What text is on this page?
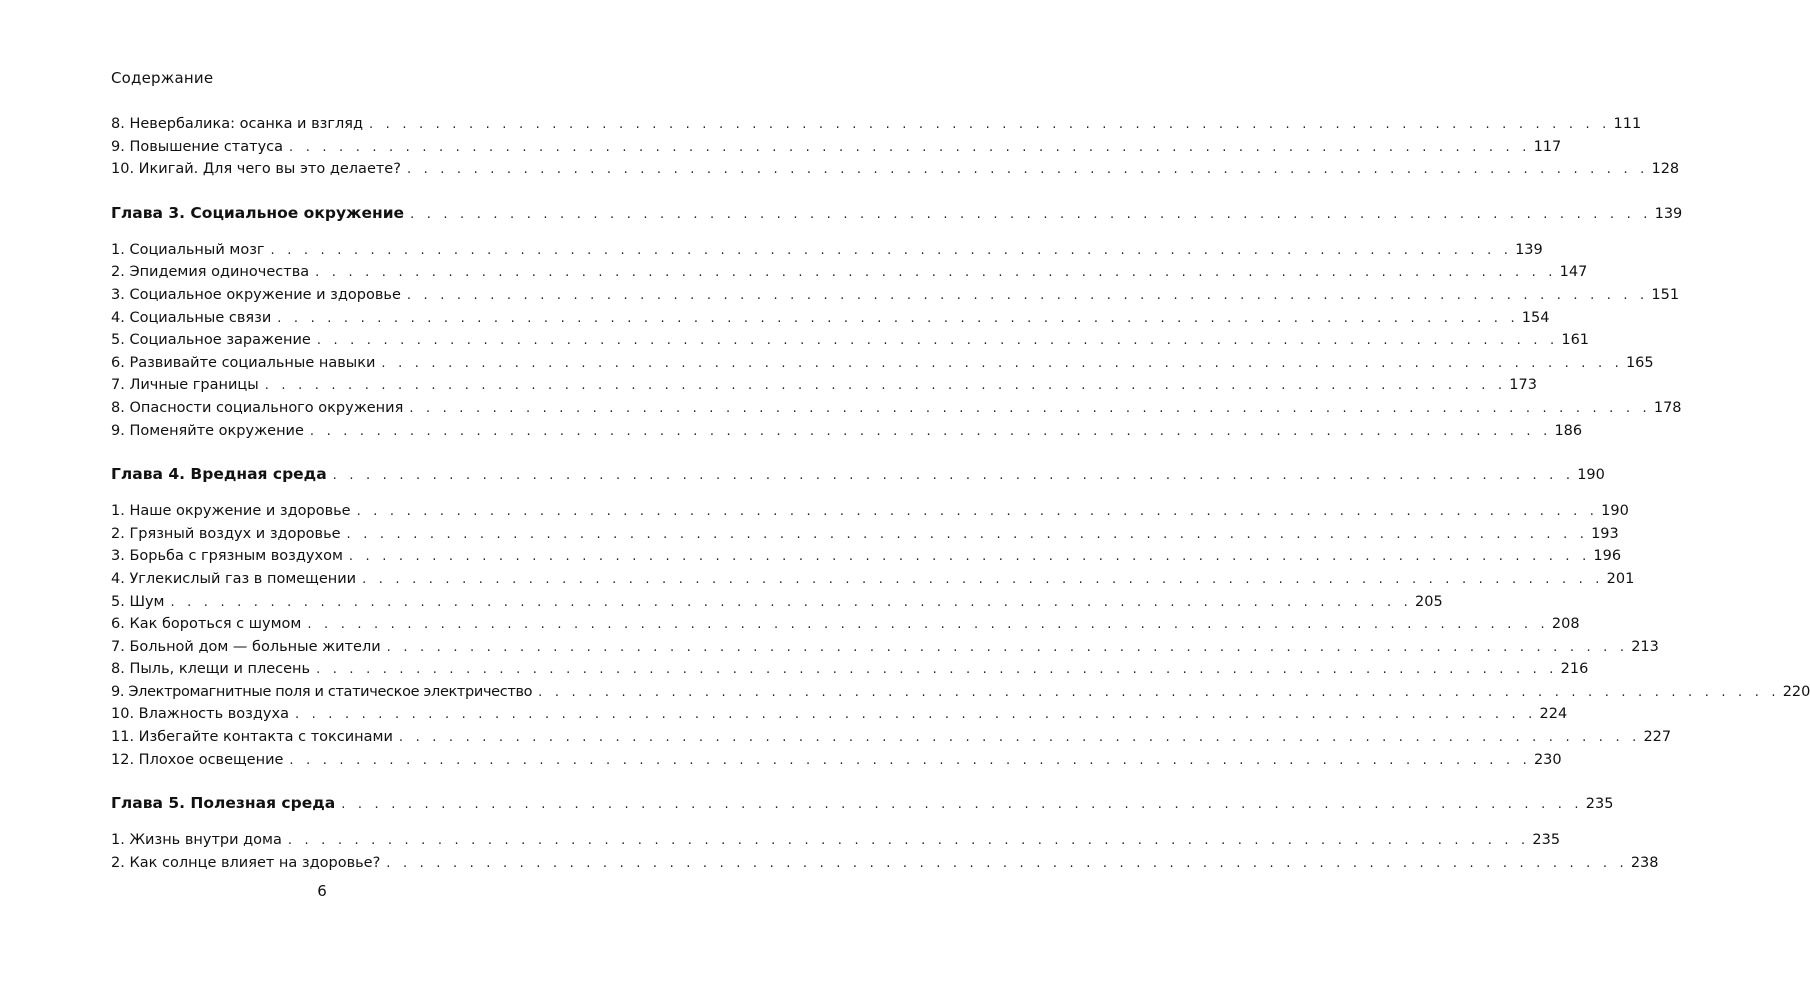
Содержание
8. Невербалика: осанка и взгляд . . . . . . . . . . . . . . . . . . . . . . . . . . . . . . . . . . . . . . . . . . . . . . . . . . . . . . . . . . . . . . . . . . . . . . . . . . . 111
9. Повышение статуса . . . . . . . . . . . . . . . . . . . . . . . . . . . . . . . . . . . . . . . . . . . . . . . . . . . . . . . . . . . . . . . . . . . . . . . . . . . 117
10. Икигай. Для чего вы это делаете? . . . . . . . . . . . . . . . . . . . . . . . . . . . . . . . . . . . . . . . . . . . . . . . . . . . . . . . . . . . . . . . . . . . . . . . . . . . 128
Глава 3. Социальное окружение . . . . . . . . . . . . . . . . . . . . . . . . . . . . . . . . . . . . . . . . . . . . . . . . . . . . . . . . . . . . . . . . . . . . . . . . . . . 139
1. Социальный мозг . . . . . . . . . . . . . . . . . . . . . . . . . . . . . . . . . . . . . . . . . . . . . . . . . . . . . . . . . . . . . . . . . . . . . . . . . . . 139
2. Эпидемия одиночества . . . . . . . . . . . . . . . . . . . . . . . . . . . . . . . . . . . . . . . . . . . . . . . . . . . . . . . . . . . . . . . . . . . . . . . . . . . 147
3. Социальное окружение и здоровье . . . . . . . . . . . . . . . . . . . . . . . . . . . . . . . . . . . . . . . . . . . . . . . . . . . . . . . . . . . . . . . . . . . . . . . . . . . 151
4. Социальные связи . . . . . . . . . . . . . . . . . . . . . . . . . . . . . . . . . . . . . . . . . . . . . . . . . . . . . . . . . . . . . . . . . . . . . . . . . . . 154
5. Социальное заражение . . . . . . . . . . . . . . . . . . . . . . . . . . . . . . . . . . . . . . . . . . . . . . . . . . . . . . . . . . . . . . . . . . . . . . . . . . . 161
6. Развивайте социальные навыки . . . . . . . . . . . . . . . . . . . . . . . . . . . . . . . . . . . . . . . . . . . . . . . . . . . . . . . . . . . . . . . . . . . . . . . . . . . 165
7. Личные границы . . . . . . . . . . . . . . . . . . . . . . . . . . . . . . . . . . . . . . . . . . . . . . . . . . . . . . . . . . . . . . . . . . . . . . . . . . . 173
8. Опасности социального окружения . . . . . . . . . . . . . . . . . . . . . . . . . . . . . . . . . . . . . . . . . . . . . . . . . . . . . . . . . . . . . . . . . . . . . . . . . . . 178
9. Поменяйте окружение . . . . . . . . . . . . . . . . . . . . . . . . . . . . . . . . . . . . . . . . . . . . . . . . . . . . . . . . . . . . . . . . . . . . . . . . . . . 186
Глава 4. Вредная среда . . . . . . . . . . . . . . . . . . . . . . . . . . . . . . . . . . . . . . . . . . . . . . . . . . . . . . . . . . . . . . . . . . . . . . . . . . . 190
1. Наше окружение и здоровье . . . . . . . . . . . . . . . . . . . . . . . . . . . . . . . . . . . . . . . . . . . . . . . . . . . . . . . . . . . . . . . . . . . . . . . . . . . 190
2. Грязный воздух и здоровье . . . . . . . . . . . . . . . . . . . . . . . . . . . . . . . . . . . . . . . . . . . . . . . . . . . . . . . . . . . . . . . . . . . . . . . . . . . 193
3. Борьба с грязным воздухом . . . . . . . . . . . . . . . . . . . . . . . . . . . . . . . . . . . . . . . . . . . . . . . . . . . . . . . . . . . . . . . . . . . . . . . . . . . 196
4. Углекислый газ в помещении . . . . . . . . . . . . . . . . . . . . . . . . . . . . . . . . . . . . . . . . . . . . . . . . . . . . . . . . . . . . . . . . . . . . . . . . . . . 201
5. Шум . . . . . . . . . . . . . . . . . . . . . . . . . . . . . . . . . . . . . . . . . . . . . . . . . . . . . . . . . . . . . . . . . . . . . . . . . . . 205
6. Как бороться с шумом . . . . . . . . . . . . . . . . . . . . . . . . . . . . . . . . . . . . . . . . . . . . . . . . . . . . . . . . . . . . . . . . . . . . . . . . . . . 208
7. Больной дом — больные жители . . . . . . . . . . . . . . . . . . . . . . . . . . . . . . . . . . . . . . . . . . . . . . . . . . . . . . . . . . . . . . . . . . . . . . . . . . . 213
8. Пыль, клещи и плесень . . . . . . . . . . . . . . . . . . . . . . . . . . . . . . . . . . . . . . . . . . . . . . . . . . . . . . . . . . . . . . . . . . . . . . . . . . . 216
9. Электромагнитные поля и статическое электричество . . . . . . . . . . . . . . . . . . . . . . . . . . . . . . . . . . . . . . . . . . . . . . . . . . . . . . . . . . . . . . . . . . . . . . . . . . . 220
10. Влажность воздуха . . . . . . . . . . . . . . . . . . . . . . . . . . . . . . . . . . . . . . . . . . . . . . . . . . . . . . . . . . . . . . . . . . . . . . . . . . . 224
11. Избегайте контакта с токсинами . . . . . . . . . . . . . . . . . . . . . . . . . . . . . . . . . . . . . . . . . . . . . . . . . . . . . . . . . . . . . . . . . . . . . . . . . . . 227
12. Плохое освещение . . . . . . . . . . . . . . . . . . . . . . . . . . . . . . . . . . . . . . . . . . . . . . . . . . . . . . . . . . . . . . . . . . . . . . . . . . . 230
Глава 5. Полезная среда . . . . . . . . . . . . . . . . . . . . . . . . . . . . . . . . . . . . . . . . . . . . . . . . . . . . . . . . . . . . . . . . . . . . . . . . . . . 235
1. Жизнь внутри дома . . . . . . . . . . . . . . . . . . . . . . . . . . . . . . . . . . . . . . . . . . . . . . . . . . . . . . . . . . . . . . . . . . . . . . . . . . . 235
2. Как солнце влияет на здоровье? . . . . . . . . . . . . . . . . . . . . . . . . . . . . . . . . . . . . . . . . . . . . . . . . . . . . . . . . . . . . . . . . . . . . . . . . . . . 238
6
